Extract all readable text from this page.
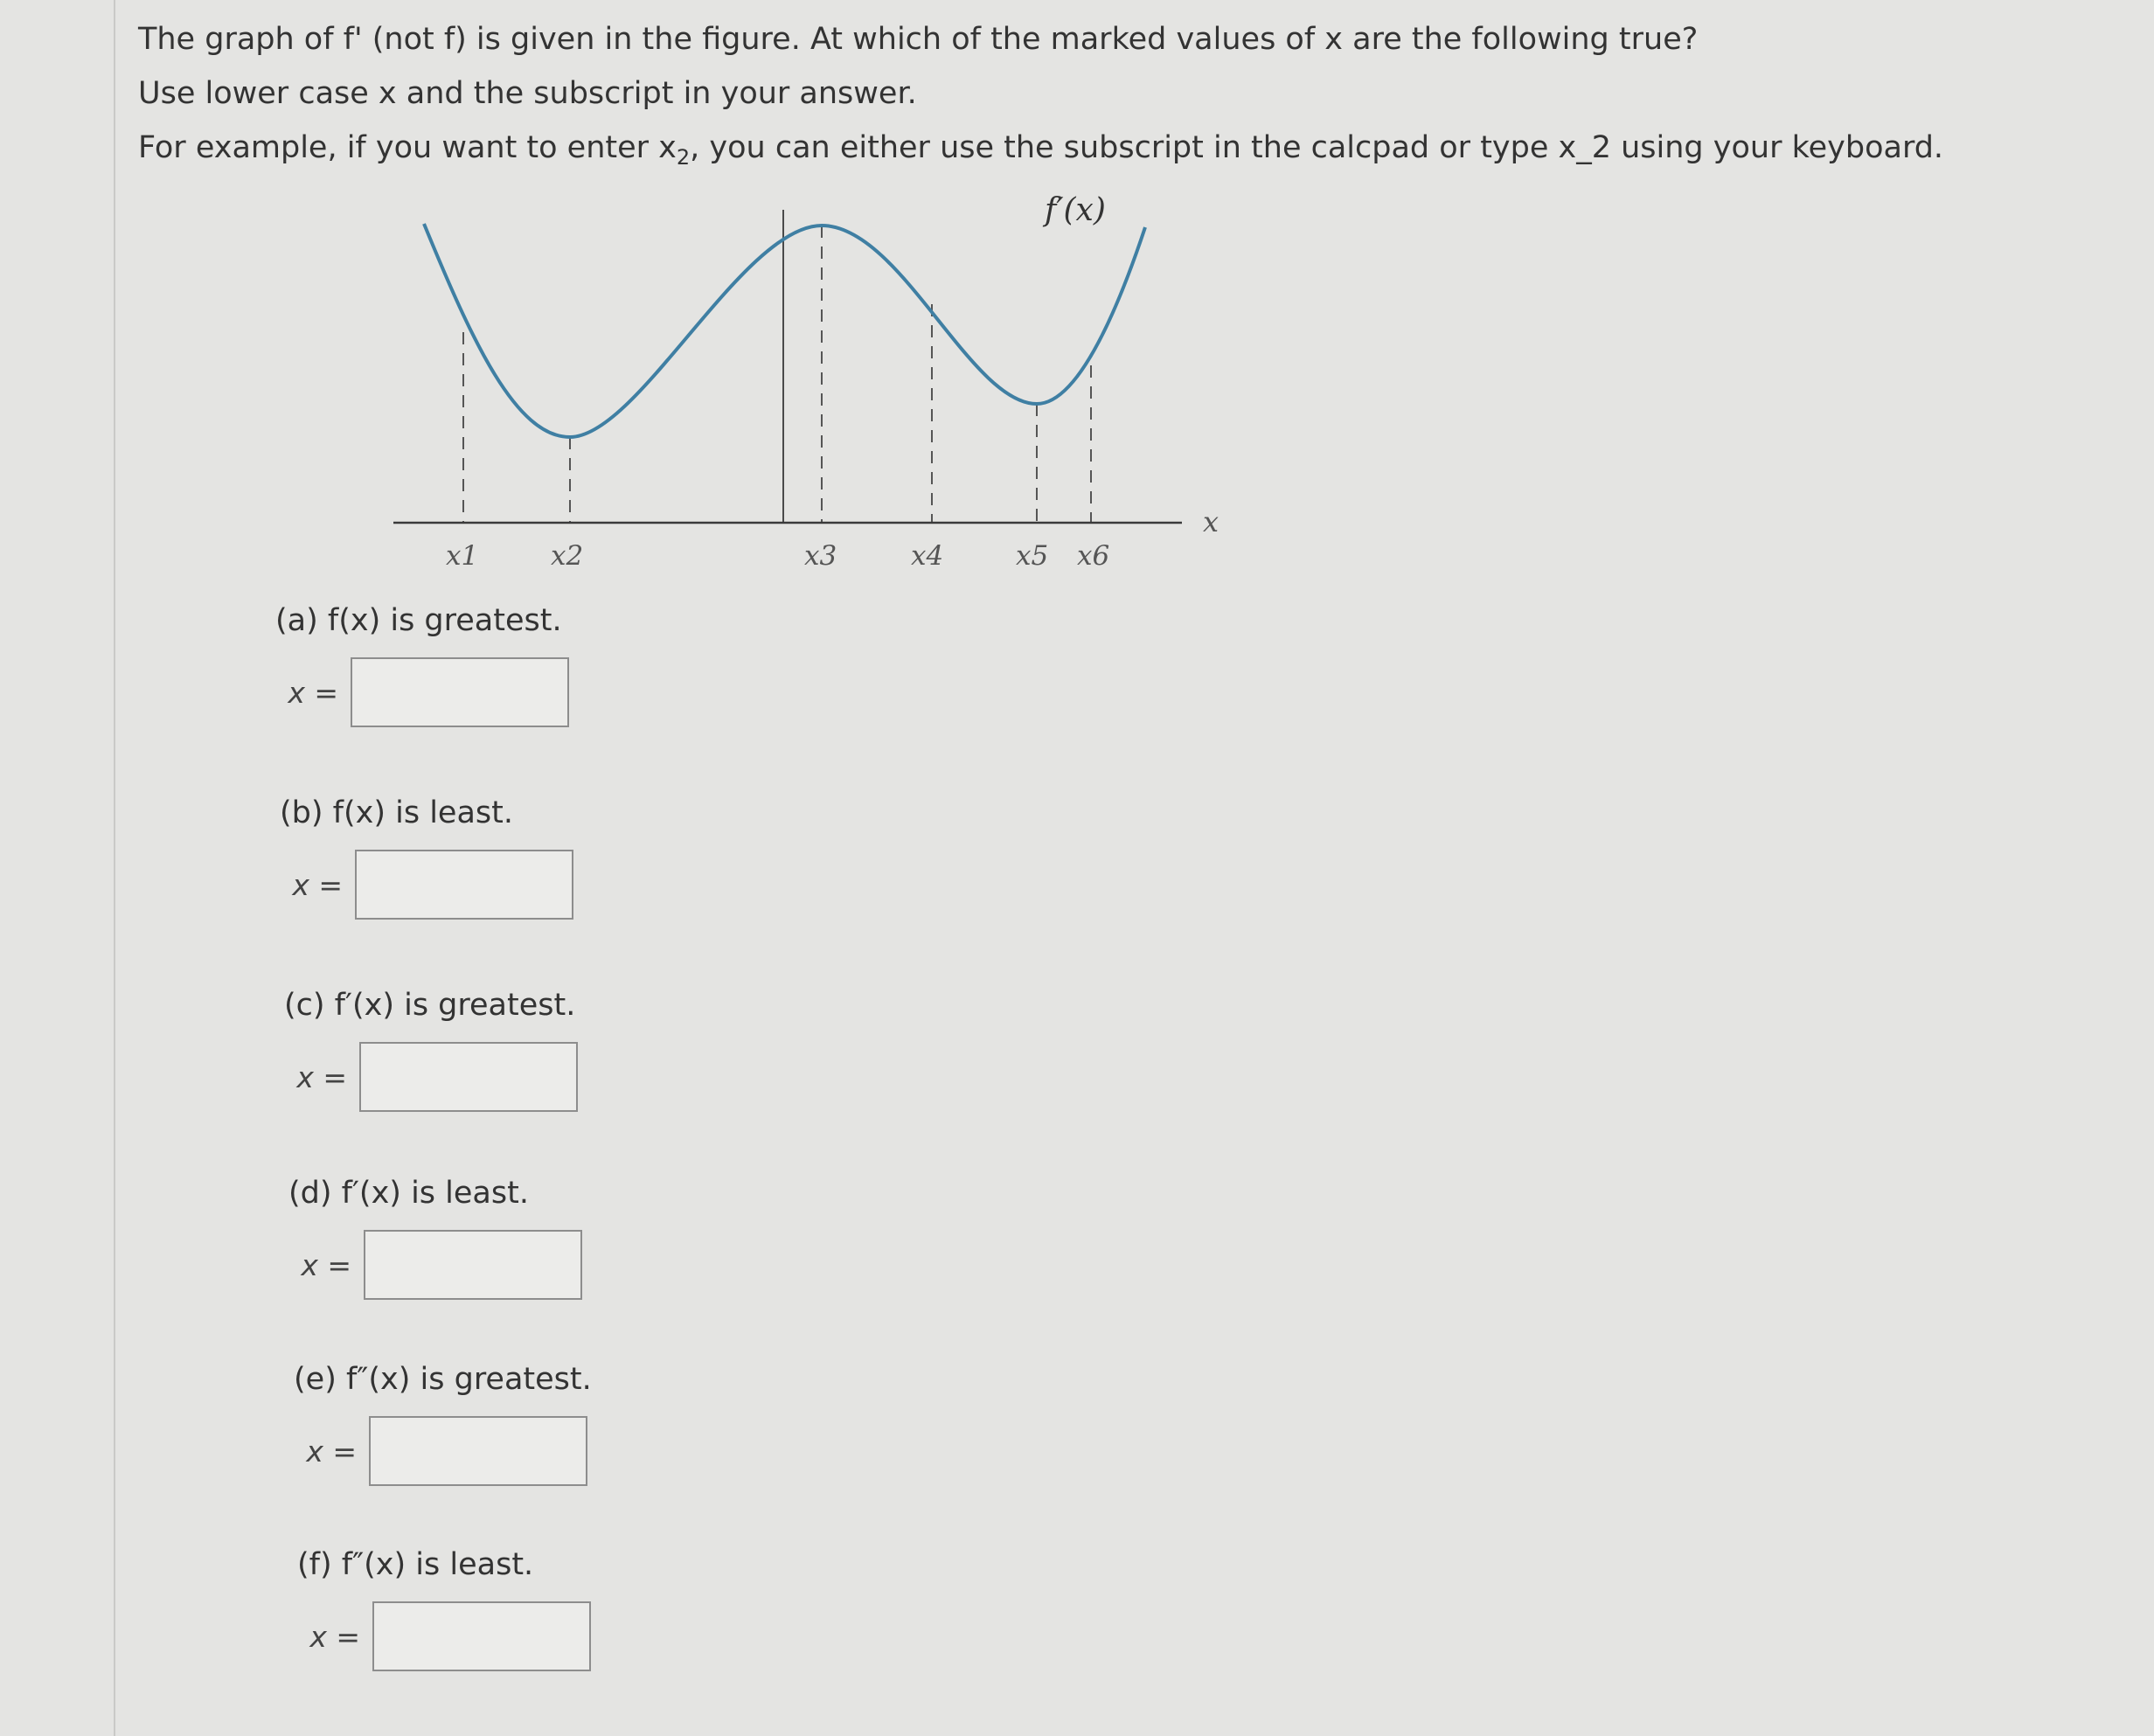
The graph of f' (not f) is given in the figure. At which of the marked values of x are the following true?

Use lower case x and the subscript in your answer.

For example, if you want to enter $x_2$, you can either use the subscript in the calcpad or type x_2 using your keyboard.

f′(x)
x
x1	x2	x3	x4	x5 x6
(a) f(x) is greatest.
x =
(b) f(x) is least.
x =
(c) f′(x) is greatest.
x =
(d) f′(x) is least.
x =
(e) f″(x) is greatest.
x =
(f) f″(x) is least.
x =
